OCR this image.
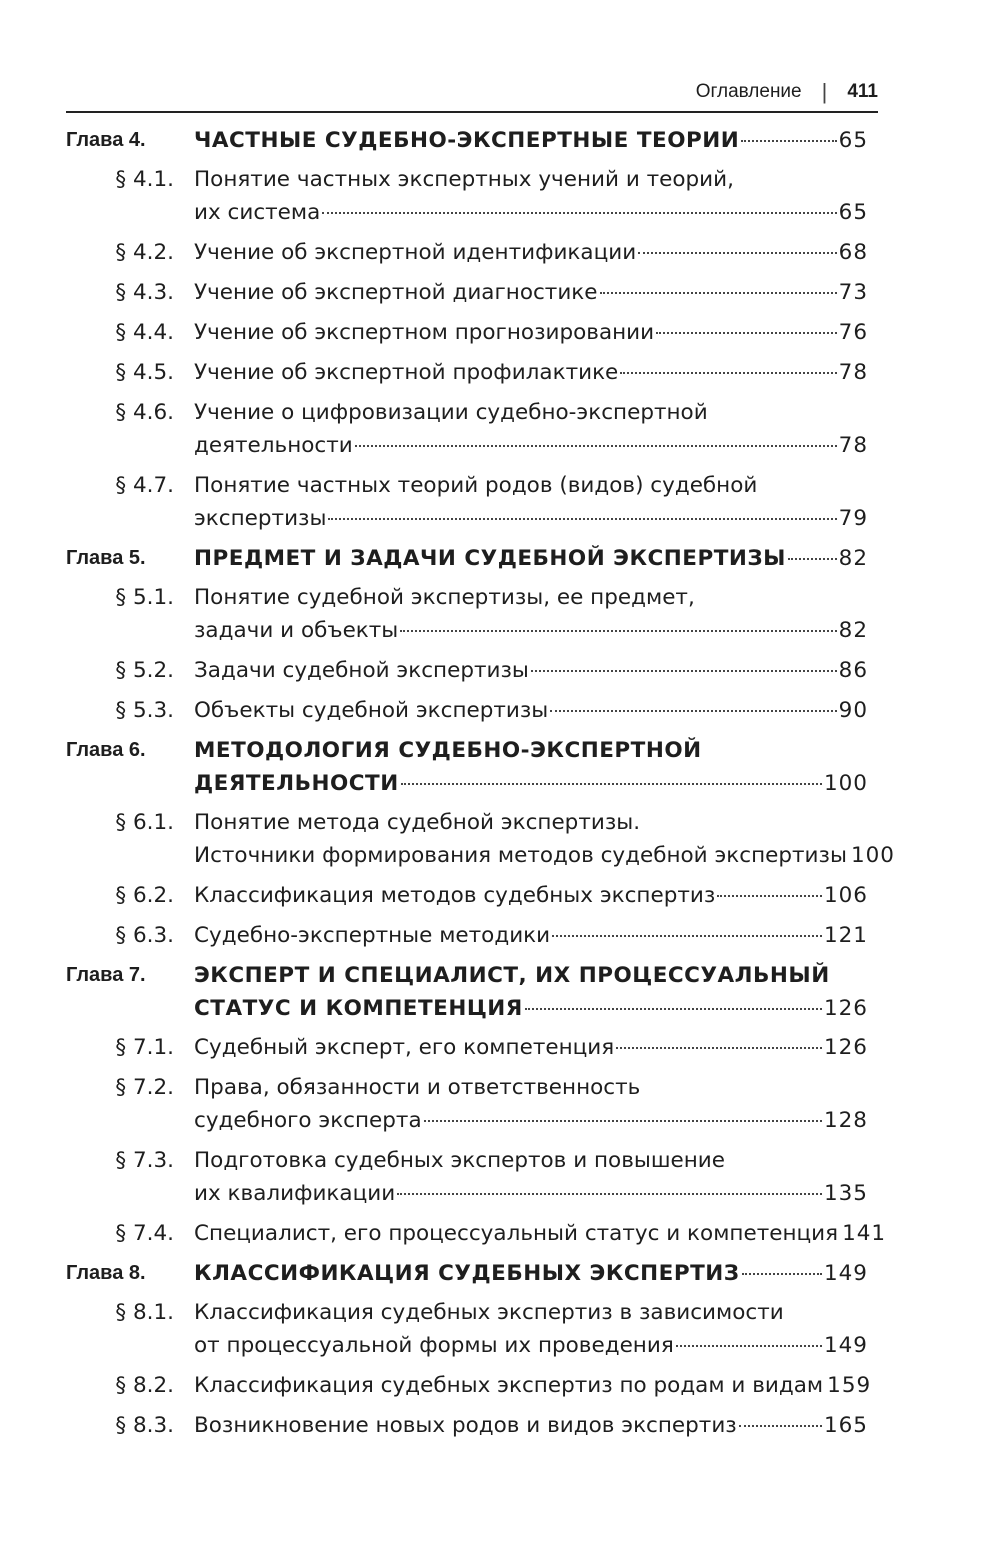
Оглавление | 411
Глава 4.	ЧАСТНЫЕ СУДЕБНО-ЭКСПЕРТНЫЕ ТЕОРИИ	65
§ 4.1. Понятие частных экспертных учений и теорий,
их система	65
§ 4.2. Учение об экспертной идентификации	68
§ 4.3. Учение об экспертной диагностике	73
§ 4.4. Учение об экспертном прогнозировании	76
§ 4.5. Учение об экспертной профилактике	78
§ 4.6. Учение о цифровизации судебно-экспертной
деятельности	78
§ 4.7. Понятие частных теорий родов (видов) судебной
экспертизы	79
Глава 5.	ПРЕДМЕТ И ЗАДАЧИ СУДЕБНОЙ ЭКСПЕРТИЗЫ 82
§ 5.1. Понятие судебной экспертизы, ее предмет,
задачи и объекты	82
§ 5.2. Задачи судебной экспертизы	86
§ 5.3. Объекты судебной экспертизы	90
Глава 6.	МЕТОДОЛОГИЯ СУДЕБНО-ЭКСПЕРТНОЙ
ДЕЯТЕЛЬНОСТИ	100
§ 6.1. Понятие метода судебной экспертизы.
Источники формирования методов судебной экспертизы 100
§ 6.2. Классификация методов судебных экспертиз	106
§ 6.3. Судебно-экспертные методики	121
Глава 7.	ЭКСПЕРТ И СПЕЦИАЛИСТ, ИХ ПРОЦЕССУАЛЬНЫЙ
СТАТУС И КОМПЕТЕНЦИЯ	126
§ 7.1. Судебный эксперт, его компетенция	126
§ 7.2. Права, обязанности и ответственность
судебного эксперта	128
§ 7.3. Подготовка судебных экспертов и повышение
их квалификации	135
§ 7.4. Специалист, его процессуальный статус и компетенция 141
Глава 8.	КЛАССИФИКАЦИЯ СУДЕБНЫХ ЭКСПЕРТИЗ	149
§ 8.1. Классификация судебных экспертиз в зависимости
от процессуальной формы их проведения	149
§ 8.2. Классификация судебных экспертиз по родам и видам 159
§ 8.3. Возникновение новых родов и видов экспертиз	165
